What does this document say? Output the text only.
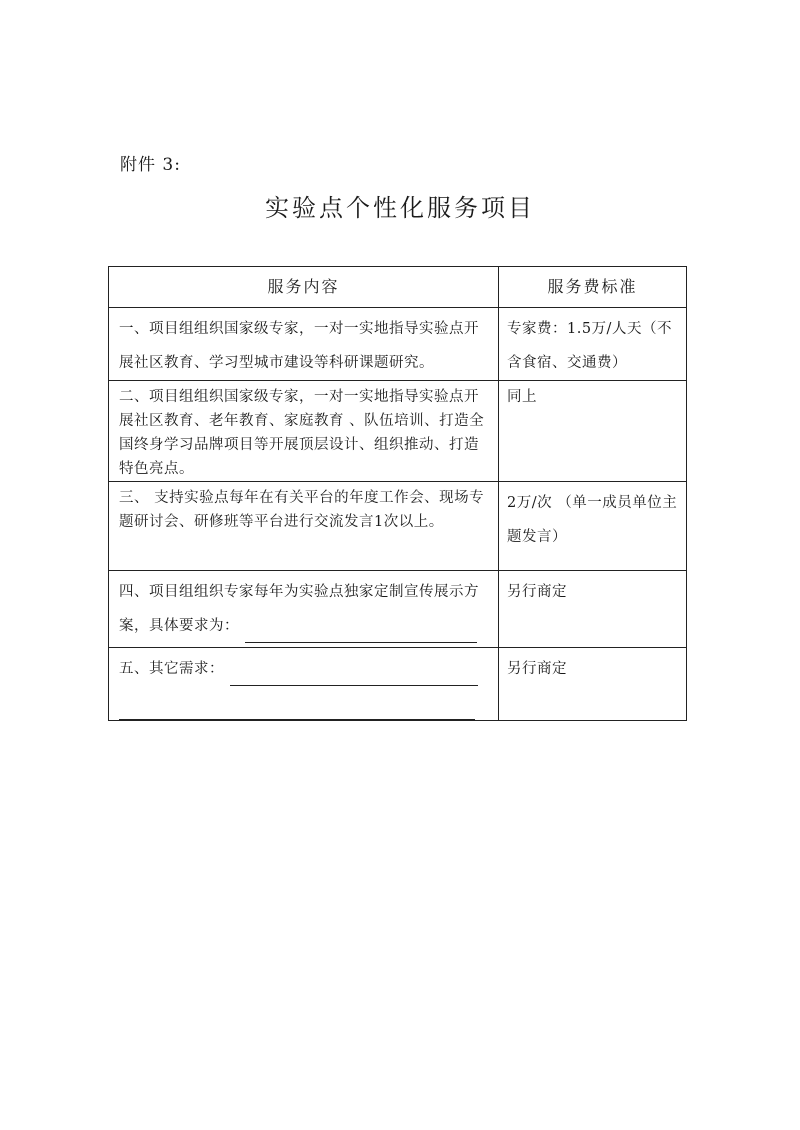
附件 3:
实验点个性化服务项目
服务内容	服务费标准

一、项目组组织国家级专家，一对一实地指导实验点开展社区教育、学习型城市建设等科研课题研究。	专家费：1.5万/人天（不含食宿、交通费）

二、项目组组织国家级专家，一对一实地指导实验点开展社区教育、老年教育、家庭教育 、队伍培训、打造全国终身学习品牌项目等开展顶层设计、组织推动、打造特色亮点。	同上

三、 支持实验点每年在有关平台的年度工作会、现场专题研讨会、研修班等平台进行交流发言1次以上。	2万/次 （单一成员单位主题发言）

四、项目组组织专家每年为实验点独家定制宣传展示方案，具体要求为：	另行商定

五、其它需求：	另行商定
